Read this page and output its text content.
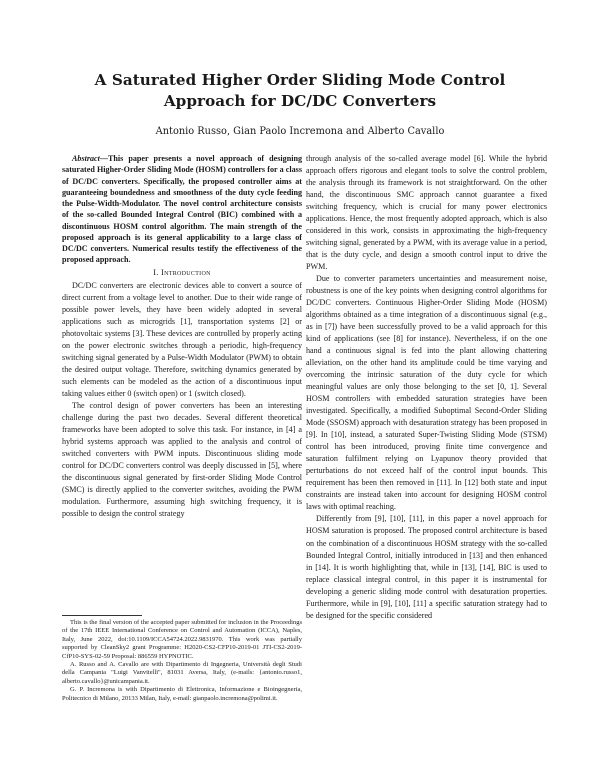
A Saturated Higher Order Sliding Mode Control
Approach for DC/DC Converters
Antonio Russo, Gian Paolo Incremona and Alberto Cavallo

Abstract—This paper presents a novel approach of designing saturated Higher-Order Sliding Mode (HOSM) controllers for a class of DC/DC converters. Specifically, the proposed controller aims at guaranteeing boundedness and smoothness of the duty cycle feeding the Pulse-Width-Modulator. The novel control architecture consists of the so-called Bounded Integral Control (BIC) combined with a discontinuous HOSM control algorithm. The main strength of the proposed approach is its general applicability to a large class of DC/DC converters. Numerical results testify the effectiveness of the proposed approach.

I. Introduction

DC/DC converters are electronic devices able to convert a source of direct current from a voltage level to another. Due to their wide range of possible power levels, they have been widely adopted in several applications such as microgrids [1], transportation systems [2] or photovoltaic systems [3]. These devices are controlled by properly acting on the power electronic switches through a periodic, high-frequency switching signal generated by a Pulse-Width Modulator (PWM) to obtain the desired output voltage. Therefore, switching dynamics generated by such elements can be modeled as the action of a discontinuous input taking values either 0 (switch open) or 1 (switch closed).

The control design of power converters has been an interesting challenge during the past two decades. Several different theoretical frameworks have been adopted to solve this task. For instance, in [4] a hybrid systems approach was applied to the analysis and control of switched converters with PWM inputs. Discontinuous sliding mode control for DC/DC converters control was deeply discussed in [5], where the discontinuous signal generated by first-order Sliding Mode Control (SMC) is directly applied to the converter switches, avoiding the PWM modulation. Furthermore, assuming high switching frequency, it is possible to design the control strategy

This is the final version of the accepted paper submitted for inclusion in the Proceedings of the 17th IEEE International Conference on Control and Automation (ICCA), Naples, Italy, June 2022, doi:10.1109/ICCA54724.2022.9831970. This work was partially supported by CleanSky2 grant Programme: H2020-CS2-CFP10-2019-01 JTI-CS2-2019-CfP10-SYS-02-59 Proposal: 886559 HYPNOTIC.

A. Russo and A. Cavallo are with Dipartimento di Ingegneria, Università degli Studi della Campania "Luigi Vanvitelli", 81031 Aversa, Italy, (e-mails: {antonio.russo1, alberto.cavallo}@unicampania.it.

G. P. Incremona is with Dipartimento di Elettronica, Informazione e Bioingegneria, Politecnico di Milano, 20133 Milan, Italy, e-mail: gianpaolo.incremona@polimi.it.

through analysis of the so-called average model [6]. While the hybrid approach offers rigorous and elegant tools to solve the control problem, the analysis through its framework is not straightforward. On the other hand, the discontinuous SMC approach cannot guarantee a fixed switching frequency, which is crucial for many power electronics applications. Hence, the most frequently adopted approach, which is also considered in this work, consists in approximating the high-frequency switching signal, generated by a PWM, with its average value in a period, that is the duty cycle, and design a smooth control input to drive the PWM.

Due to converter parameters uncertainties and measurement noise, robustness is one of the key points when designing control algorithms for DC/DC converters. Continuous Higher-Order Sliding Mode (HOSM) algorithms obtained as a time integration of a discontinuous signal (e.g., as in [7]) have been successfully proved to be a valid approach for this kind of applications (see [8] for instance). Nevertheless, if on the one hand a continuous signal is fed into the plant allowing chattering alleviation, on the other hand its amplitude could be time varying and overcoming the intrinsic saturation of the duty cycle for which meaningful values are only those belonging to the set [0, 1]. Several HOSM controllers with embedded saturation strategies have been investigated. Specifically, a modified Suboptimal Second-Order Sliding Mode (SSOSM) approach with desaturation strategy has been proposed in [9]. In [10], instead, a saturated Super-Twisting Sliding Mode (STSM) control has been introduced, proving finite time convergence and saturation fulfilment relying on Lyapunov theory provided that perturbations do not exceed half of the control input bounds. This requirement has been then removed in [11]. In [12] both state and input constraints are instead taken into account for designing HOSM control laws with optimal reaching.

Differently from [9], [10], [11], in this paper a novel approach for HOSM saturation is proposed. The proposed control architecture is based on the combination of a discontinuous HOSM strategy with the so-called Bounded Integral Control, initially introduced in [13] and then enhanced in [14]. It is worth highlighting that, while in [13], [14], BIC is used to replace classical integral control, in this paper it is instrumental for developing a generic sliding mode control with desaturation properties. Furthermore, while in [9], [10], [11] a specific saturation strategy had to be designed for the specific considered
